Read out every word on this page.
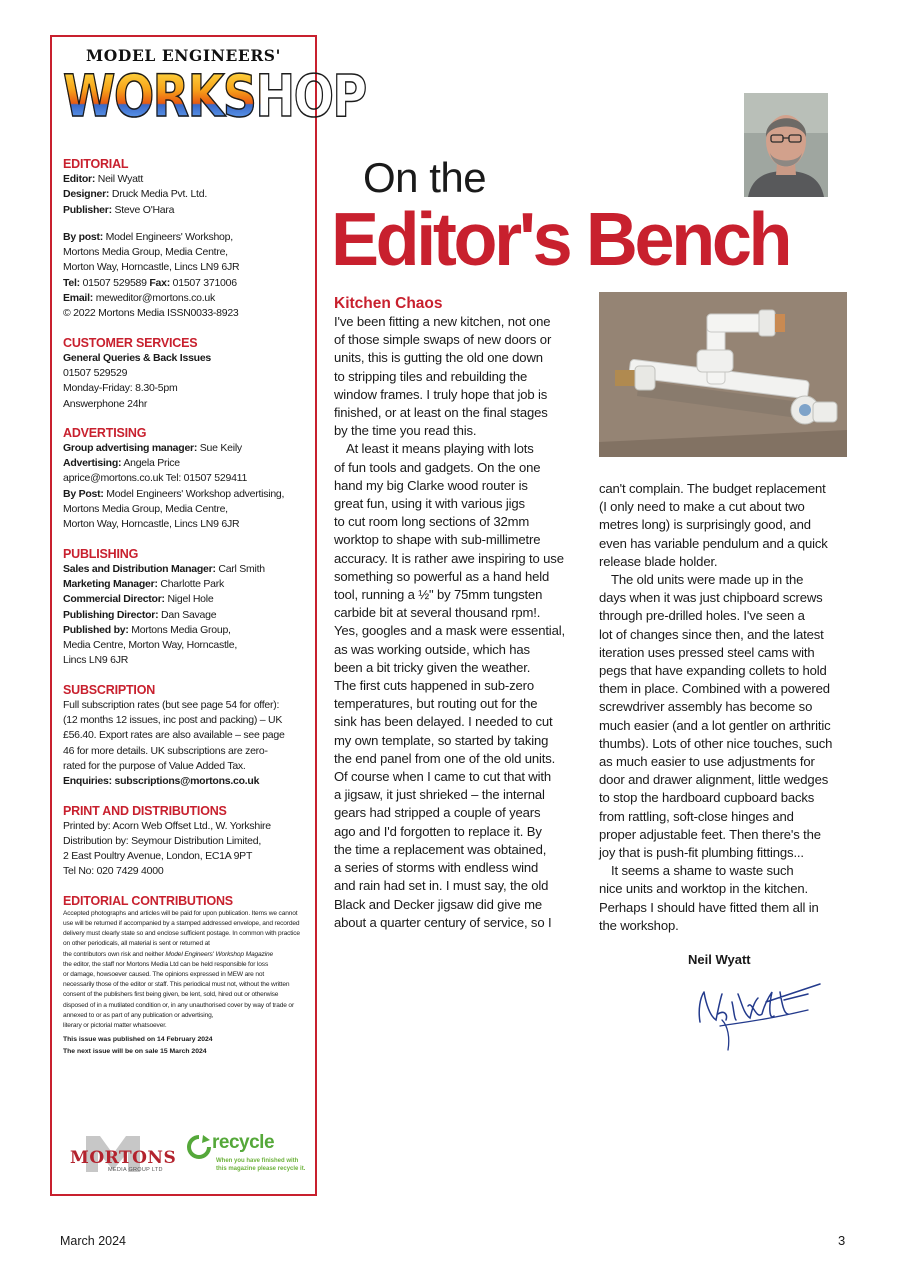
MODEL ENGINEERS'
WORKSHOP
EDITORIAL
Editor: Neil Wyatt
Designer: Druck Media Pvt. Ltd.
Publisher: Steve O'Hara
By post: Model Engineers' Workshop,
Mortons Media Group, Media Centre,
Morton Way, Horncastle, Lincs LN9 6JR
Tel: 01507 529589 Fax: 01507 371006
Email: meweditor@mortons.co.uk
© 2022 Mortons Media ISSN0033-8923
CUSTOMER SERVICES
General Queries & Back Issues
01507 529529
Monday-Friday: 8.30-5pm
Answerphone 24hr
ADVERTISING
Group advertising manager: Sue Keily
Advertising: Angela Price
aprice@mortons.co.uk Tel: 01507 529411
By Post: Model Engineers' Workshop advertising,
Mortons Media Group, Media Centre,
Morton Way, Horncastle, Lincs LN9 6JR
PUBLISHING
Sales and Distribution Manager: Carl Smith
Marketing Manager: Charlotte Park
Commercial Director: Nigel Hole
Publishing Director: Dan Savage
Published by: Mortons Media Group,
Media Centre, Morton Way, Horncastle,
Lincs LN9 6JR
SUBSCRIPTION
Full subscription rates (but see page 54 for offer):
(12 months 12 issues, inc post and packing) – UK
£56.40. Export rates are also available – see page
46 for more details. UK subscriptions are zero-
rated for the purpose of Value Added Tax.
Enquiries: subscriptions@mortons.co.uk
PRINT AND DISTRIBUTIONS
Printed by: Acorn Web Offset Ltd., W. Yorkshire
Distribution by: Seymour Distribution Limited,
2 East Poultry Avenue, London, EC1A 9PT
Tel No: 020 7429 4000
EDITORIAL CONTRIBUTIONS
Accepted photographs and articles will be paid for upon publication. Items we cannot
use will be returned if accompanied by a stamped addressed envelope, and recorded
delivery must clearly state so and enclose sufficient postage. In common with practice
on other periodicals, all material is sent or returned at
the contributors own risk and neither Model Engineers' Workshop Magazine
the editor, the staff nor Mortons Media Ltd can be held responsible for loss
or damage, howsoever caused. The opinions expressed in MEW are not
necessarily those of the editor or staff. This periodical must not, without the written
consent of the publishers first being given, be lent, sold, hired out or otherwise
disposed of in a mutilated condition or, in any unauthorised cover by way of trade or
annexed to or as part of any publication or advertising,
literary or pictorial matter whatsoever.
This issue was published on 14 February 2024
The next issue will be on sale 15 March 2024
MORTONS
MEDIA GROUP LTD
recycle
When you have finished with
this magazine please recycle it.
On the
Editor's Bench
Kitchen Chaos
I've been fitting a new kitchen, not one
of those simple swaps of new doors or
units, this is gutting the old one down
to stripping tiles and rebuilding the
window frames. I truly hope that job is
finished, or at least on the final stages
by the time you read this.
At least it means playing with lots
of fun tools and gadgets. On the one
hand my big Clarke wood router is
great fun, using it with various jigs
to cut room long sections of 32mm
worktop to shape with sub-millimetre
accuracy. It is rather awe inspiring to use
something so powerful as a hand held
tool, running a ½" by 75mm tungsten
carbide bit at several thousand rpm!.
Yes, googles and a mask were essential,
as was working outside, which has
been a bit tricky given the weather.
The first cuts happened in sub-zero
temperatures, but routing out for the
sink has been delayed. I needed to cut
my own template, so started by taking
the end panel from one of the old units.
Of course when I came to cut that with
a jigsaw, it just shrieked – the internal
gears had stripped a couple of years
ago and I'd forgotten to replace it. By
the time a replacement was obtained,
a series of storms with endless wind
and rain had set in. I must say, the old
Black and Decker jigsaw did give me
about a quarter century of service, so I
can't complain. The budget replacement
(I only need to make a cut about two
metres long) is surprisingly good, and
even has variable pendulum and a quick
release blade holder.
The old units were made up in the
days when it was just chipboard screws
through pre-drilled holes. I've seen a
lot of changes since then, and the latest
iteration uses pressed steel cams with
pegs that have expanding collets to hold
them in place. Combined with a powered
screwdriver assembly has become so
much easier (and a lot gentler on arthritic
thumbs). Lots of other nice touches, such
as much easier to use adjustments for
door and drawer alignment, little wedges
to stop the hardboard cupboard backs
from rattling, soft-close hinges and
proper adjustable feet. Then there's the
joy that is push-fit plumbing fittings...
It seems a shame to waste such
nice units and worktop in the kitchen.
Perhaps I should have fitted them all in
the workshop.
Neil Wyatt
March 2024	3
